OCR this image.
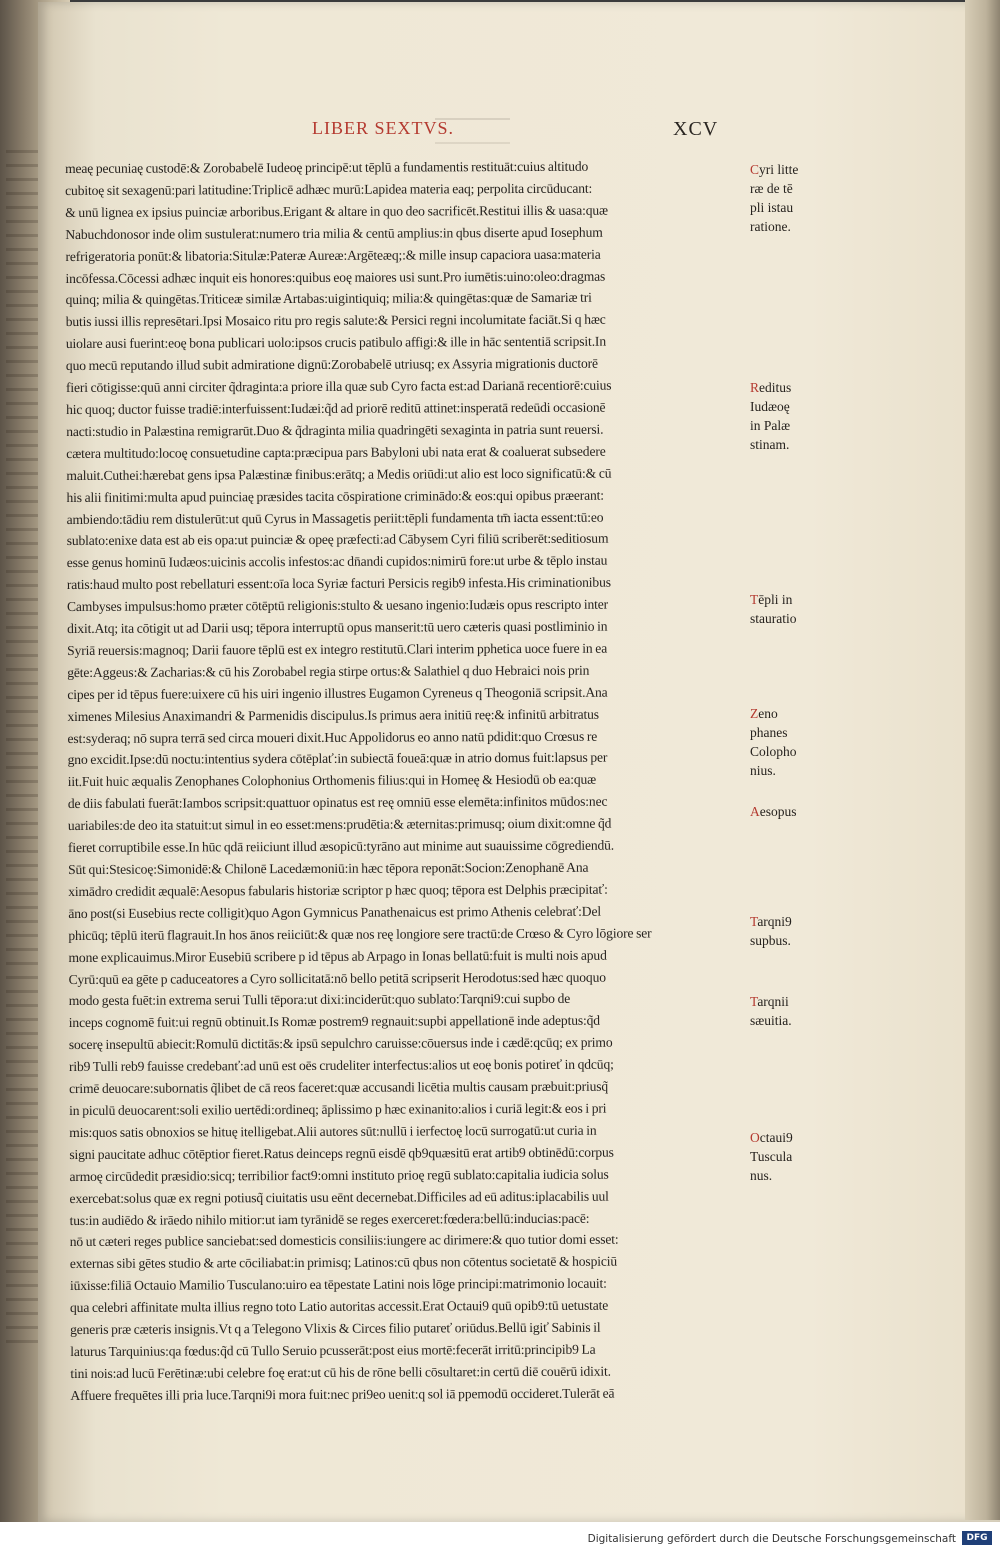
LIBER SEXTVS.	XCV
meaę pecuniaę custodē:& Zorobabelē Iudeoę principē:ut tēplū a fundamentis restituāt:cuius altitudo
cubitoę sit sexagenū:pari latitudine:Triplicē adhæc murū:Lapidea materia eaq; perpolita circūducant:
& unū lignea ex ipsius puinciæ arboribus.Erigant & altare in quo deo sacrificēt.Restitui illis & uasa:quæ
Nabuchdonosor inde olim sustulerat:numero tria milia & centū amplius:in qbus diserte apud Iosephum
refrigeratoria ponūt:& libatoria:Situlæ:Pateræ Aureæ:Argēteæq;:& mille insup capaciora uasa:materia
incōfessa.Cōcessi adhæc inquit eis honores:quibus eoę maiores usi sunt.Pro iumētis:uino:oleo:dragmas
quinq; milia & quingētas.Triticeæ similæ Artabas:uigintiquiq; milia:& quingētas:quæ de Samariæ tri
butis iussi illis represētari.Ipsi Mosaico ritu pro regis salute:& Persici regni incolumitate faciāt.Si q hæc
uiolare ausi fuerint:eoę bona publicari uolo:ipsos crucis patibulo affigi:& ille in hāc sententiā scripsit.In
quo mecū reputando illud subit admiratione dignū:Zorobabelē utriusq; ex Assyria migrationis ductorē
fieri cōtigisse:quū anni circiter q̃draginta:a priore illa quæ sub Cyro facta est:ad Darianā recentiorē:cuius
hic quoq; ductor fuisse tradiē:interfuissent:Iudæi:q̃d ad priorē reditū attinet:insperatā redeūdi occasionē
nacti:studio in Palæstina remigrarūt.Duo & q̃draginta milia quadringēti sexaginta in patria sunt reuersi.
cætera multitudo:locoę consuetudine capta:præcipua pars Babyloni ubi nata erat & coaluerat subsedere
maluit.Cuthei:hærebat gens ipsa Palæstinæ finibus:erātq; a Medis oriūdi:ut alio est loco significatū:& cū
his alii finitimi:multa apud puinciaę præsides tacita cōspiratione criminādo:& eos:qui opibus præerant:
ambiendo:tādiu rem distulerūt:ut quū Cyrus in Massagetis periit:tēpli fundamenta tm̄ iacta essent:tū:eo
sublato:enixe data est ab eis opa:ut puinciæ & opeę præfecti:ad Cābysem Cyri filiū scriberēt:seditiosum
esse genus hominū Iudæos:uicinis accolis infestos:ac dn̄andi cupidos:nimirū fore:ut urbe & tēplo instau
ratis:haud multo post rebellaturi essent:oīa loca Syriæ facturi Persicis regib9 infesta.His criminationibus
Cambyses impulsus:homo præter cōtēptū religionis:stulto & uesano ingenio:Iudæis opus rescripto inter
dixit.Atq; ita cōtigit ut ad Darii usq; tēpora interruptū opus manserit:tū uero cæteris quasi postliminio in
Syriā reuersis:magnoq; Darii fauore tēplū est ex integro restitutū.Clari interim pphetica uoce fuere in ea
gēte:Aggeus:& Zacharias:& cū his Zorobabel regia stirpe ortus:& Salathiel q duo Hebraici nois prin
cipes per id tēpus fuere:uixere cū his uiri ingenio illustres Eugamon Cyreneus q Theogoniā scripsit.Ana
ximenes Milesius Anaximandri & Parmenidis discipulus.Is primus aera initiū reę:& infinitū arbitratus
est:syderaq; nō supra terrā sed circa moueri dixit.Huc Appolidorus eo anno natū pdidit:quo Crœsus re
gno excidit.Ipse:dū noctu:intentius sydera cōtēplať:in subiectā foueā:quæ in atrio domus fuit:lapsus per
iit.Fuit huic æqualis Zenophanes Colophonius Orthomenis filius:qui in Homeę & Hesiodū ob ea:quæ
de diis fabulati fuerāt:Iambos scripsit:quattuor opinatus est reę omniū esse elemēta:infinitos mūdos:nec
uariabiles:de deo ita statuit:ut simul in eo esset:mens:prudētia:& æternitas:primusq; oium dixit:omne q̃d
fieret corruptibile esse.In hūc qdā reiiciunt illud æsopicū:tyrāno aut minime aut suauissime cōgrediendū.
Sūt qui:Stesicoę:Simonidē:& Chilonē Lacedæmoniū:in hæc tēpora reponāt:Socion:Zenophanē Ana
ximādro credidit æqualē:Aesopus fabularis historiæ scriptor p hæc quoq; tēpora est Delphis præcipitať:
āno post(si Eusebius recte colligit)quo Agon Gymnicus Panathenaicus est primo Athenis celebrať:Del
phicūq; tēplū iterū flagrauit.In hos ānos reiiciūt:& quæ nos reę longiore sere tractū:de Crœso & Cyro lōgiore ser
mone explicauimus.Miror Eusebiū scribere p id tēpus ab Arpago in Ionas bellatū:fuit is multi nois apud
Cyrū:quū ea gēte p caduceatores a Cyro sollicitatā:nō bello petitā scripserit Herodotus:sed hæc quoquo
modo gesta fuēt:in extrema serui Tulli tēpora:ut dixi:inciderūt:quo sublato:Tarqni9:cui supbo de
inceps cognomē fuit:ui regnū obtinuit.Is Romæ postrem9 regnauit:supbi appellationē inde adeptus:q̃d
socerę insepultū abiecit:Romulū dictitās:& ipsū sepulchro caruisse:cōuersus inde i cædē:qcūq; ex primo
rib9 Tulli reb9 fauisse credebanť:ad unū est oēs crudeliter interfectus:alios ut eoę bonis potireť in qdcūq;
crimē deuocare:subornatis q̃libet de cā reos faceret:quæ accusandi licētia multis causam præbuit:priusq̃
in piculū deuocarent:soli exilio uertēdi:ordineq; āplissimo p hæc exinanito:alios i curiā legit:& eos i pri
mis:quos satis obnoxios se hituę itelligebat.Alii autores sūt:nullū i ierfectoę locū surrogatū:ut curia in
signi paucitate adhuc cōtēptior fieret.Ratus deinceps regnū eisdē qb9quæsitū erat artib9 obtinēdū:corpus
armoę circūdedit præsidio:sicq; terribilior fact9:omni instituto prioę regū sublato:capitalia iudicia solus
exercebat:solus quæ ex regni potiusq̃ ciuitatis usu eēnt decernebat.Difficiles ad eū aditus:iplacabilis uul
tus:in audiēdo & irāedo nihilo mitior:ut iam tyrānidē se reges exerceret:fœdera:bellū:inducias:pacē:
nō ut cæteri reges publice sanciebat:sed domesticis consiliis:iungere ac dirimere:& quo tutior domi esset:
externas sibi gētes studio & arte cōciliabat:in primisq; Latinos:cū qbus non cōtentus societatē & hospiciū
iūxisse:filiā Octauio Mamilio Tusculano:uiro ea tēpestate Latini nois lōge principi:matrimonio locauit:
qua celebri affinitate multa illius regno toto Latio autoritas accessit.Erat Octaui9 quū opib9:tū uetustate
generis præ cæteris insignis.Vt q a Telegono Vlixis & Circes filio putareť oriūdus.Bellū igiť Sabinis il
laturus Tarquinius:qa fœdus:q̃d cū Tullo Seruio pcusserāt:post eius mortē:fecerāt irritū:principib9 La
tini nois:ad lucū Ferētinæ:ubi celebre foę erat:ut cū his de rōne belli cōsultaret:in certū diē couērū idixit.
Affuere frequētes illi pria luce.Tarqni9i mora fuit:nec pri9eo uenit:q sol iā ppemodū occideret.Tulerāt eā
Cyri litte
ræ de tē
pli istau
ratione.
Reditus
Iudæoę
in Palæ
stinam.
Tēpli in
stauratio
Zeno
phanes
Colopho
nius.
Aesopus
Tarqni9
supbus.
Tarqnii
sæuitia.
Octaui9
Tuscula
nus.
Digitalisierung gefördert durch die Deutsche Forschungsgemeinschaft	DFG
